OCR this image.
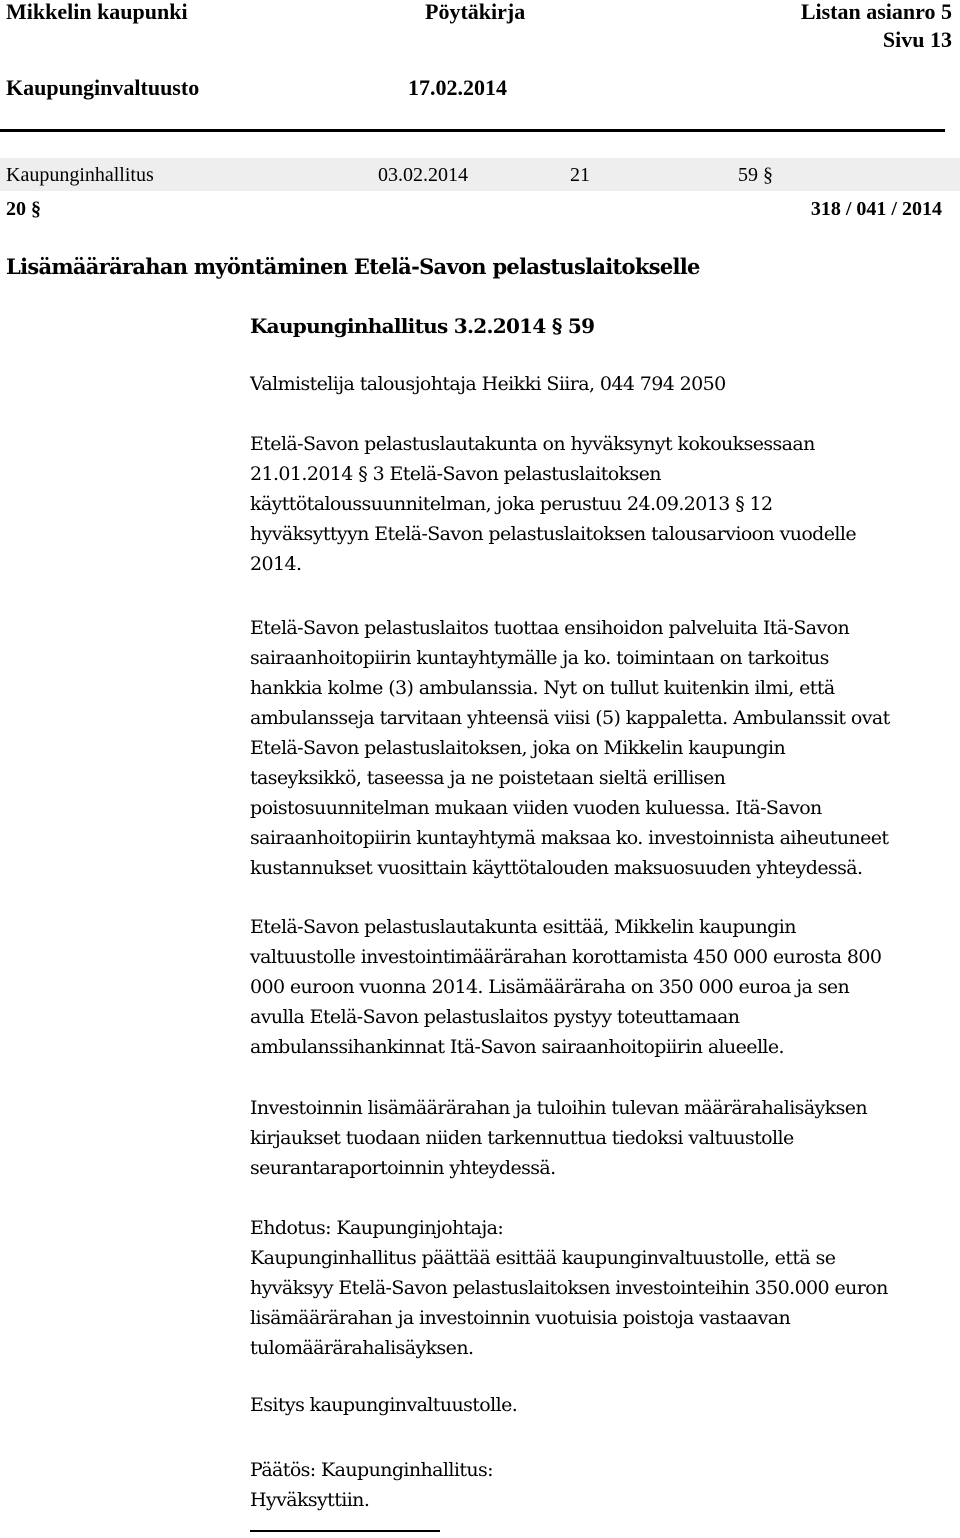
Mikkelin kaupunki	Pöytäkirja	Listan asianro 5
Sivu 13
Kaupunginvaltuusto	17.02.2014
Kaupunginhallitus	03.02.2014	21	59 §
20 §	318 / 041 / 2014
Lisämäärärahan myöntäminen Etelä-Savon pelastuslaitokselle
Kaupunginhallitus 3.2.2014 § 59
Valmistelija talousjohtaja Heikki Siira, 044 794 2050
Etelä-Savon pelastuslautakunta on hyväksynyt kokouksessaan
21.01.2014 § 3 Etelä-Savon pelastuslaitoksen
käyttötaloussuunnitelman, joka perustuu 24.09.2013 § 12
hyväksyttyyn Etelä-Savon pelastuslaitoksen talousarvioon vuodelle
2014.
Etelä-Savon pelastuslaitos tuottaa ensihoidon palveluita Itä-Savon
sairaanhoitopiirin kuntayhtymälle ja ko. toimintaan on tarkoitus
hankkia kolme (3) ambulanssia. Nyt on tullut kuitenkin ilmi, että
ambulansseja tarvitaan yhteensä viisi (5) kappaletta. Ambulanssit ovat
Etelä-Savon pelastuslaitoksen, joka on Mikkelin kaupungin
taseyksikkö, taseessa ja ne poistetaan sieltä erillisen
poistosuunnitelman mukaan viiden vuoden kuluessa. Itä-Savon
sairaanhoitopiirin kuntayhtymä maksaa ko. investoinnista aiheutuneet
kustannukset vuosittain käyttötalouden maksuosuuden yhteydessä.
Etelä-Savon pelastuslautakunta esittää, Mikkelin kaupungin
valtuustolle investointimäärärahan korottamista 450 000 eurosta 800
000 euroon vuonna 2014. Lisämääräraha on 350 000 euroa ja sen
avulla Etelä-Savon pelastuslaitos pystyy toteuttamaan
ambulanssihankinnat Itä-Savon sairaanhoitopiirin alueelle.
Investoinnin lisämäärärahan ja tuloihin tulevan määrärahalisäyksen
kirjaukset tuodaan niiden tarkennuttua tiedoksi valtuustolle
seurantaraportoinnin yhteydessä.
Ehdotus: Kaupunginjohtaja:
Kaupunginhallitus päättää esittää kaupunginvaltuustolle, että se
hyväksyy Etelä-Savon pelastuslaitoksen investointeihin 350.000 euron
lisämäärärahan ja investoinnin vuotuisia poistoja vastaavan
tulomäärärahalisäyksen.
Esitys kaupunginvaltuustolle.
Päätös: Kaupunginhallitus:
Hyväksyttiin.
